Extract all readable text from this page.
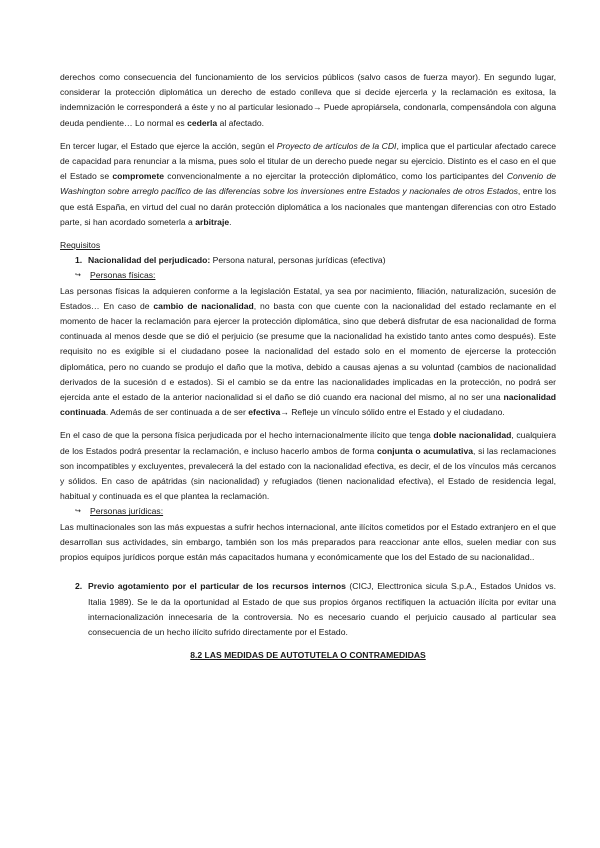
derechos como consecuencia del funcionamiento de los servicios públicos (salvo casos de fuerza mayor). En segundo lugar, considerar la protección diplomática un derecho de estado conlleva que si decide ejercerla y la reclamación es exitosa, la indemnización le corresponderá a éste y no al particular lesionado→ Puede apropiársela, condonarla, compensándola con alguna deuda pendiente… Lo normal es cederla al afectado.

En tercer lugar, el Estado que ejerce la acción, según el Proyecto de artículos de la CDI, implica que el particular afectado carece de capacidad para renunciar a la misma, pues solo el titular de un derecho puede negar su ejercicio. Distinto es el caso en el que el Estado se compromete convencionalmente a no ejercitar la protección diplomático, como los participantes del Convenio de Washington sobre arreglo pacífico de las diferencias sobre los inversiones entre Estados y nacionales de otros Estados, entre los que está España, en virtud del cual no darán protección diplomática a los nacionales que mantengan diferencias con otro Estado parte, si han acordado someterla a arbitraje.

Requisitos

1. Nacionalidad del perjudicado: Persona natural, personas jurídicas (efectiva)

↪ Personas físicas:

Las personas físicas la adquieren conforme a la legislación Estatal, ya sea por nacimiento, filiación, naturalización, sucesión de Estados… En caso de cambio de nacionalidad, no basta con que cuente con la nacionalidad del estado reclamante en el momento de hacer la reclamación para ejercer la protección diplomática, sino que deberá disfrutar de esa nacionalidad de forma continuada al menos desde que se dió el perjuicio (se presume que la nacionalidad ha existido tanto antes como después). Este requisito no es exigible si el ciudadano posee la nacionalidad del estado solo en el momento de ejercerse la protección diplomática, pero no cuando se produjo el daño que la motiva, debido a causas ajenas a su voluntad (cambios de nacionalidad derivados de la sucesión d e estados). Si el cambio se da entre las nacionalidades implicadas en la protección, no podrá ser ejercida ante el estado de la anterior nacionalidad si el daño se dió cuando era nacional del mismo, al no ser una nacionalidad continuada. Además de ser continuada a de ser efectiva→ Refleje un vínculo sólido entre el Estado y el ciudadano.

En el caso de que la persona física perjudicada por el hecho internacionalmente ilícito que tenga doble nacionalidad, cualquiera de los Estados podrá presentar la reclamación, e incluso hacerlo ambos de forma conjunta o acumulativa, si las reclamaciones son incompatibles y excluyentes, prevalecerá la del estado con la nacionalidad efectiva, es decir, el de los vínculos más cercanos y sólidos. En caso de apátridas (sin nacionalidad) y refugiados (tienen nacionalidad efectiva), el Estado de residencia legal, habitual y continuada es el que plantea la reclamación.

↪ Personas jurídicas:

Las multinacionales son las más expuestas a sufrir hechos internacional, ante ilícitos cometidos por el Estado extranjero en el que desarrollan sus actividades, sin embargo, también son los más preparados para reaccionar ante ellos, suelen mediar con sus propios equipos jurídicos porque están más capacitados humana y económicamente que los del Estado de su nacionalidad..

2. Previo agotamiento por el particular de los recursos internos (CICJ, Electtronica sicula S.p.A., Estados Unidos vs. Italia 1989). Se le da la oportunidad al Estado de que sus propios órganos rectifiquen la actuación ilícita por evitar una internacionalización innecesaria de la controversia. No es necesario cuando el perjuicio causado al particular sea consecuencia de un hecho ilícito sufrido directamente por el Estado.

8.2 LAS MEDIDAS DE AUTOTUTELA O CONTRAMEDIDAS
